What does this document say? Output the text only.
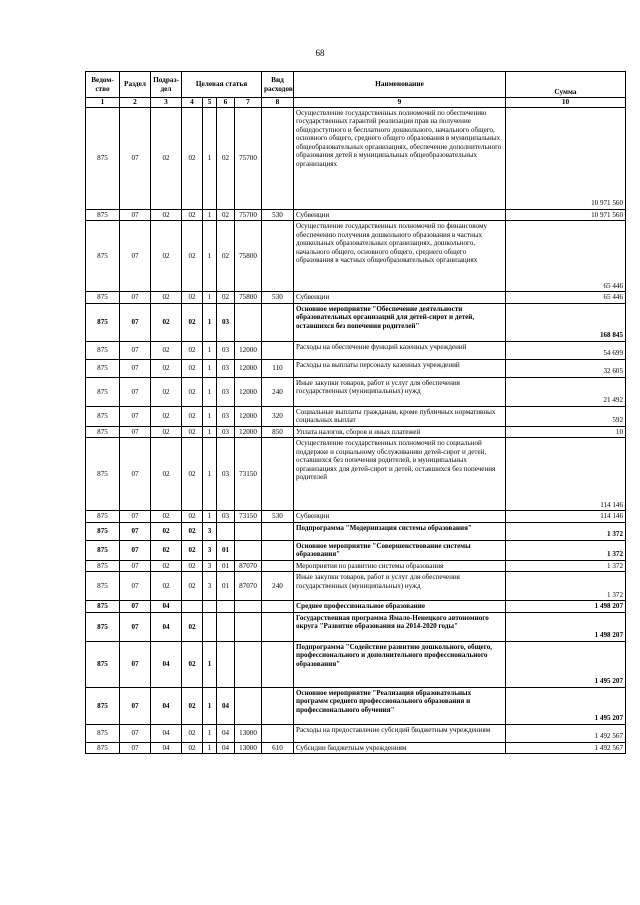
68
Ведом-ство	Раздел	Подраз-дел	Целевая статья				Вид расходов	Наименование	Сумма
1	2	3	4	5	6	7	8	9	10
875	07	02	02	1	02	75700		Осуществление государственных полномочий по обеспечению государственных гарантий реализации прав на получение общедоступного и бесплатного дошкольного, начального общего, основного общего, среднего общего образования в муниципальных общеобразовательных организациях, обеспечение дополнительного образования детей в муниципальных общеобразовательных организациях	10 971 560
875	07	02	02	1	02	75700	530	Субвенции	10 971 560
875	07	02	02	1	02	75800		Осуществление государственных полномочий по финансовому обеспечению получения дошкольного образования в частных дошкольных образовательных организациях, дошкольного, начального общего, основного общего, среднего общего образования в частных общеобразовательных организациях	65 446
875	07	02	02	1	02	75800	530	Субвенции	65 446
875	07	02	02	1	03			Основное мероприятие "Обеспечение деятельности образовательных организаций для детей-сирот и детей, оставшихся без попечения родителей"	168 845
875	07	02	02	1	03	12000		Расходы на обеспечение функций казенных учреждений	54 699
875	07	02	02	1	03	12000	110	Расходы на выплаты персоналу казенных учреждений	32 605
875	07	02	02	1	03	12000	240	Иные закупки товаров, работ и услуг для обеспечения государственных (муниципальных) нужд	21 492
875	07	02	02	1	03	12000	320	Социальные выплаты гражданам, кроме публичных нормативных социальных выплат	592
875	07	02	02	1	03	12000	850	Уплата налогов, сборов и иных платежей	10
875	07	02	02	1	03	73150		Осуществление государственных полномочий по социальной поддержке и социальному обслуживанию детей-сирот и детей, оставшихся без попечения родителей, в муниципальных организациях для детей-сирот и детей, оставшихся без попечения родителей	114 146
875	07	02	02	1	03	73150	530	Субвенции	114 146
875	07	02	02	3				Подпрограмма "Модернизация системы образования"	1 372
875	07	02	02	3	01			Основное мероприятие "Совершенствование системы образования"	1 372
875	07	02	02	3	01	87070		Мероприятия по развитию системы образования	1 372
875	07	02	02	3	01	87070	240	Иные закупки товаров, работ и услуг для обеспечения государственных (муниципальных) нужд	1 372
875	07	04						Среднее профессиональное образование	1 498 207
875	07	04	02					Государственная программа Ямало-Ненецкого автономного округа "Развитие образования на 2014-2020 годы"	1 498 207
875	07	04	02	1				Подпрограмма "Содействие развитию дошкольного, общего, профессионального и дополнительного профессионального образования"	1 495 207
875	07	04	02	1	04			Основное мероприятие "Реализация образовательных программ среднего профессионального образования и профессионального обучения"	1 495 207
875	07	04	02	1	04	13000		Расходы на предоставление субсидий бюджетным учреждениям	1 492 567
875	07	04	02	1	04	13000	610	Субсидии бюджетным учреждениям	1 492 567
